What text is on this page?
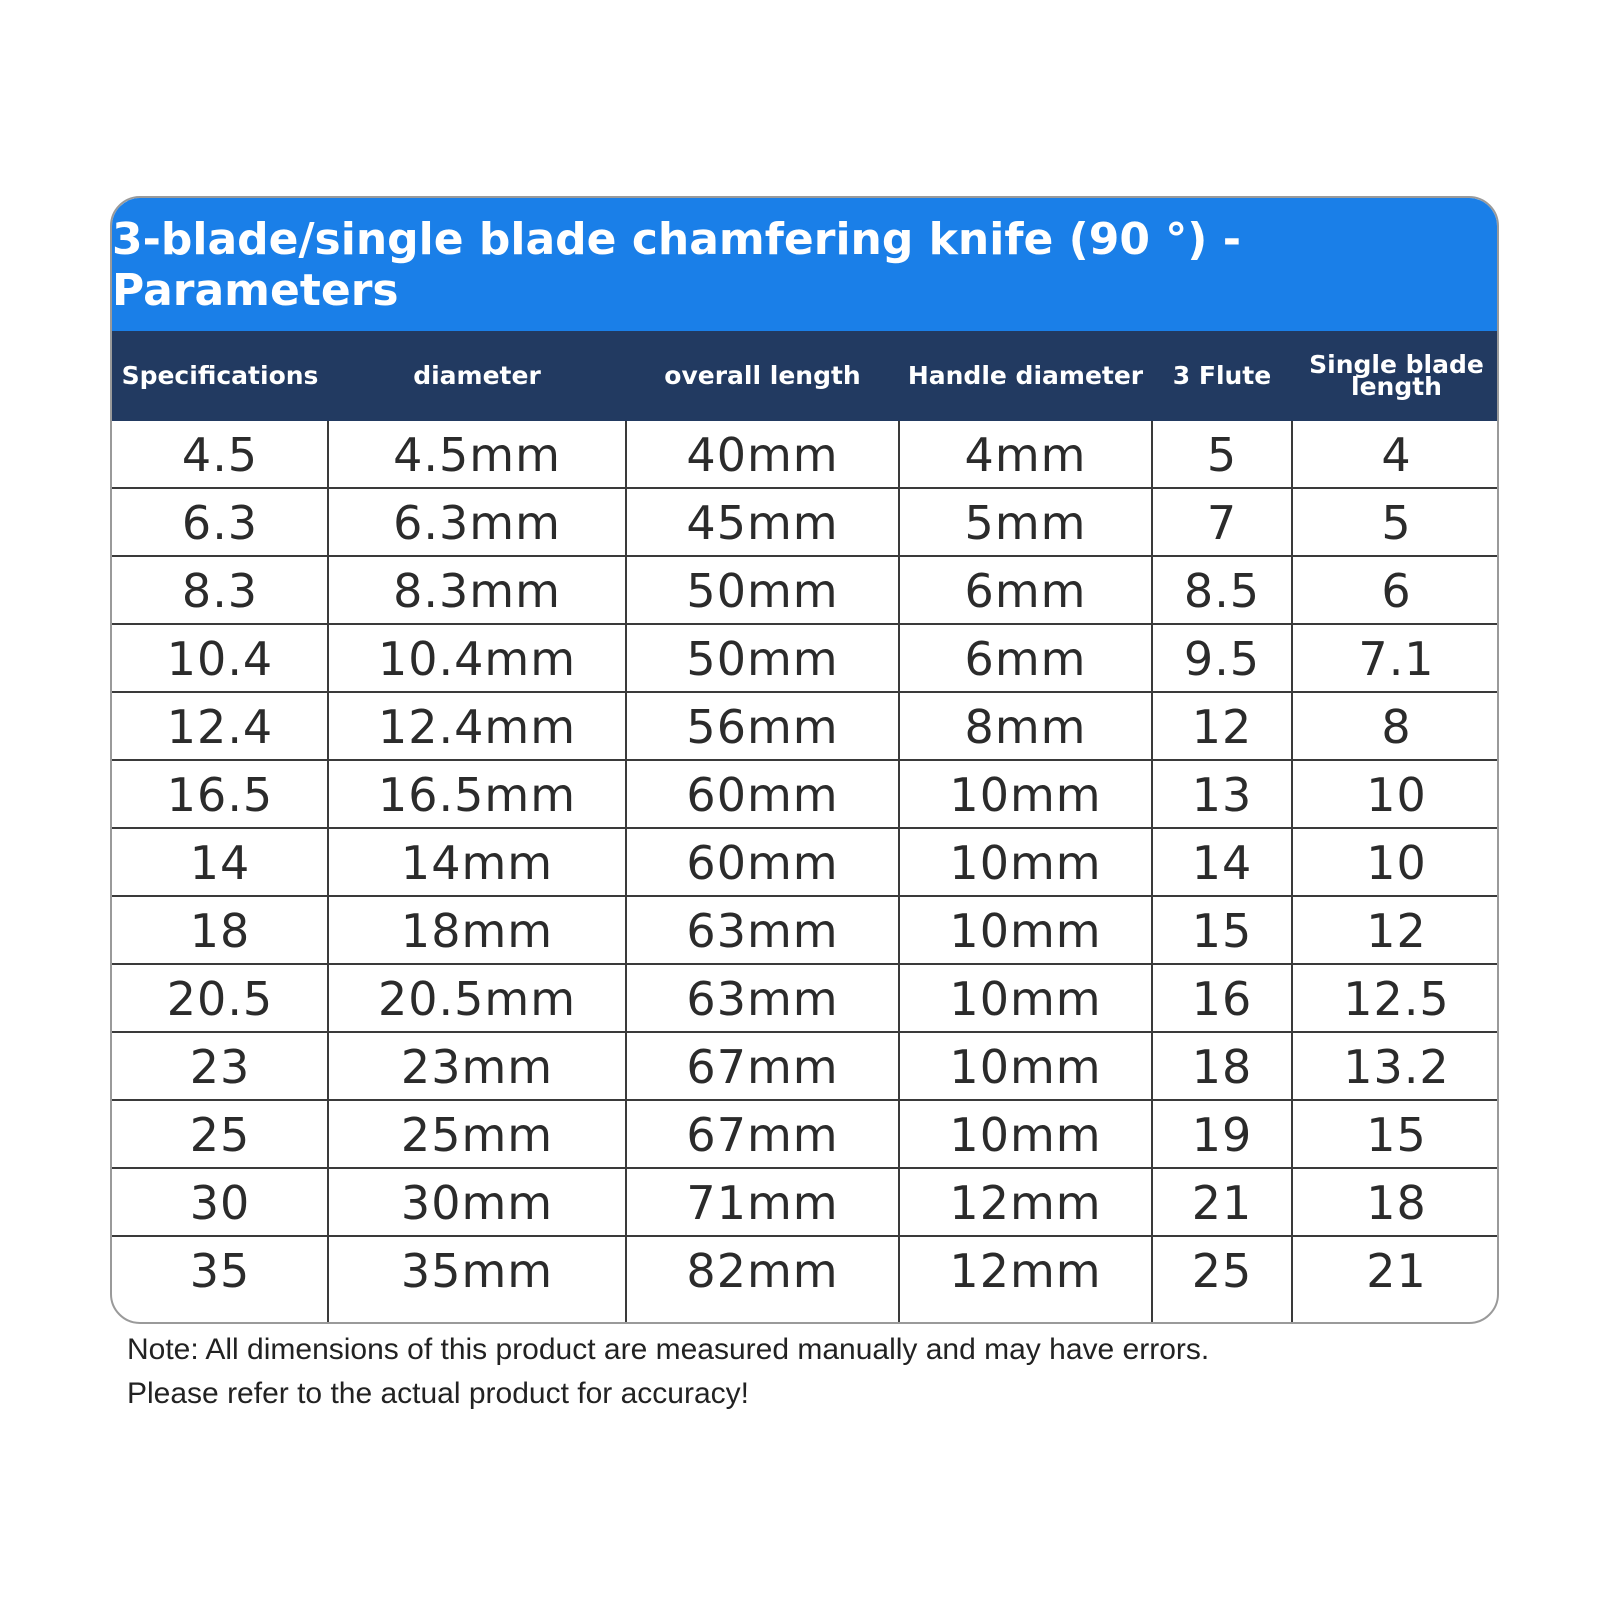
3-blade/single blade chamfering knife (90 °) - Parameters
Specifications	diameter	overall length	Handle diameter	3 Flute	Single blade
length
4.5	4.5mm	40mm	4mm	5	4
6.3	6.3mm	45mm	5mm	7	5
8.3	8.3mm	50mm	6mm	8.5	6
10.4	10.4mm	50mm	6mm	9.5	7.1
12.4	12.4mm	56mm	8mm	12	8
16.5	16.5mm	60mm	10mm	13	10
14	14mm	60mm	10mm	14	10
18	18mm	63mm	10mm	15	12
20.5	20.5mm	63mm	10mm	16	12.5
23	23mm	67mm	10mm	18	13.2
25	25mm	67mm	10mm	19	15
30	30mm	71mm	12mm	21	18
35	35mm	82mm	12mm	25	21
Note: All dimensions of this product are measured manually and may have errors.
Please refer to the actual product for accuracy!
